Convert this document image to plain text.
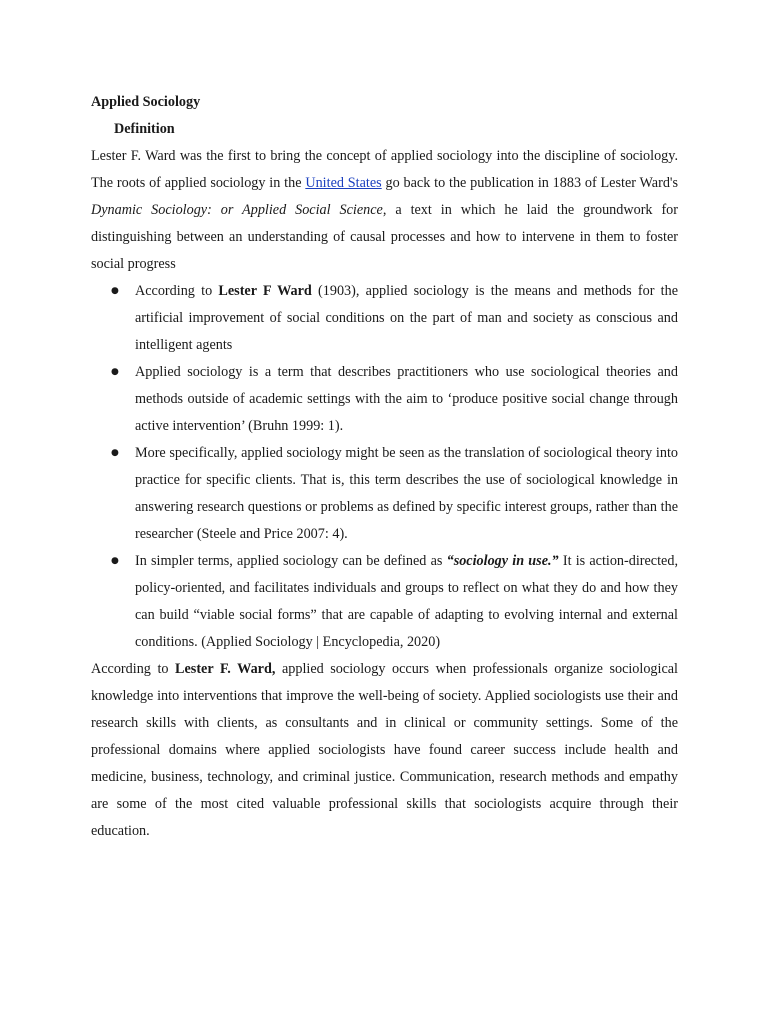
Applied Sociology
Definition

Lester F. Ward was the first to bring the concept of applied sociology into the discipline of sociology. The roots of applied sociology in the United States go back to the publication in 1883 of Lester Ward's Dynamic Sociology: or Applied Social Science, a text in which he laid the groundwork for distinguishing between an understanding of causal processes and how to intervene in them to foster social progress

● According to Lester F Ward (1903), applied sociology is the means and methods for the artificial improvement of social conditions on the part of man and society as conscious and intelligent agents
● Applied sociology is a term that describes practitioners who use sociological theories and methods outside of academic settings with the aim to ‘produce positive social change through active intervention’ (Bruhn 1999: 1).
● More specifically, applied sociology might be seen as the translation of sociological theory into practice for specific clients. That is, this term describes the use of sociological knowledge in answering research questions or problems as defined by specific interest groups, rather than the researcher (Steele and Price 2007: 4).
● In simpler terms, applied sociology can be defined as “sociology in use.” It is action-directed, policy-oriented, and facilitates individuals and groups to reflect on what they do and how they can build “viable social forms” that are capable of adapting to evolving internal and external conditions. (Applied Sociology | Encyclopedia, 2020)

According to Lester F. Ward, applied sociology occurs when professionals organize sociological knowledge into interventions that improve the well-being of society. Applied sociologists use their and research skills with clients, as consultants and in clinical or community settings. Some of the professional domains where applied sociologists have found career success include health and medicine, business, technology, and criminal justice. Communication, research methods and empathy are some of the most cited valuable professional skills that sociologists acquire through their education.
